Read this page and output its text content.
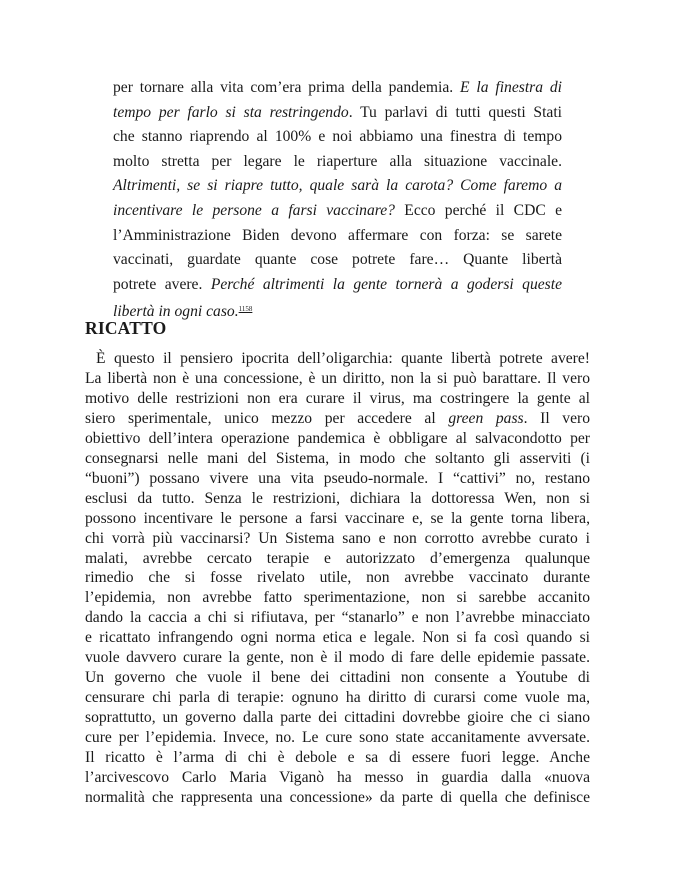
per tornare alla vita com’era prima della pandemia. E la finestra di
tempo per farlo si sta restringendo. Tu parlavi di tutti questi Stati
che stanno riaprendo al 100% e noi abbiamo una finestra di tempo
molto stretta per legare le riaperture alla situazione vaccinale.
Altrimenti, se si riapre tutto, quale sarà la carota? Come faremo a
incentivare le persone a farsi vaccinare? Ecco perché il CDC e
l’Amministrazione Biden devono affermare con forza: se sarete
vaccinati, guardate quante cose potrete fare… Quante libertà
potrete avere. Perché altrimenti la gente tornerà a godersi queste
libertà in ogni caso.$^{1158}$
RICATTO
È questo il pensiero ipocrita dell’oligarchia: quante libertà potrete avere!
La libertà non è una concessione, è un diritto, non la si può barattare. Il vero
motivo delle restrizioni non era curare il virus, ma costringere la gente al
siero sperimentale, unico mezzo per accedere al green pass. Il vero
obiettivo dell’intera operazione pandemica è obbligare al salvacondotto per
consegnarsi nelle mani del Sistema, in modo che soltanto gli asserviti (i
“buoni”) possano vivere una vita pseudo-normale. I “cattivi” no, restano
esclusi da tutto. Senza le restrizioni, dichiara la dottoressa Wen, non si
possono incentivare le persone a farsi vaccinare e, se la gente torna libera,
chi vorrà più vaccinarsi? Un Sistema sano e non corrotto avrebbe curato i
malati, avrebbe cercato terapie e autorizzato d’emergenza qualunque
rimedio che si fosse rivelato utile, non avrebbe vaccinato durante
l’epidemia, non avrebbe fatto sperimentazione, non si sarebbe accanito
dando la caccia a chi si rifiutava, per “stanarlo” e non l’avrebbe minacciato
e ricattato infrangendo ogni norma etica e legale. Non si fa così quando si
vuole davvero curare la gente, non è il modo di fare delle epidemie passate.
Un governo che vuole il bene dei cittadini non consente a Youtube di
censurare chi parla di terapie: ognuno ha diritto di curarsi come vuole ma,
soprattutto, un governo dalla parte dei cittadini dovrebbe gioire che ci siano
cure per l’epidemia. Invece, no. Le cure sono state accanitamente avversate.
Il ricatto è l’arma di chi è debole e sa di essere fuori legge. Anche
l’arcivescovo Carlo Maria Viganò ha messo in guardia dalla «nuova
normalità che rappresenta una concessione» da parte di quella che definisce
